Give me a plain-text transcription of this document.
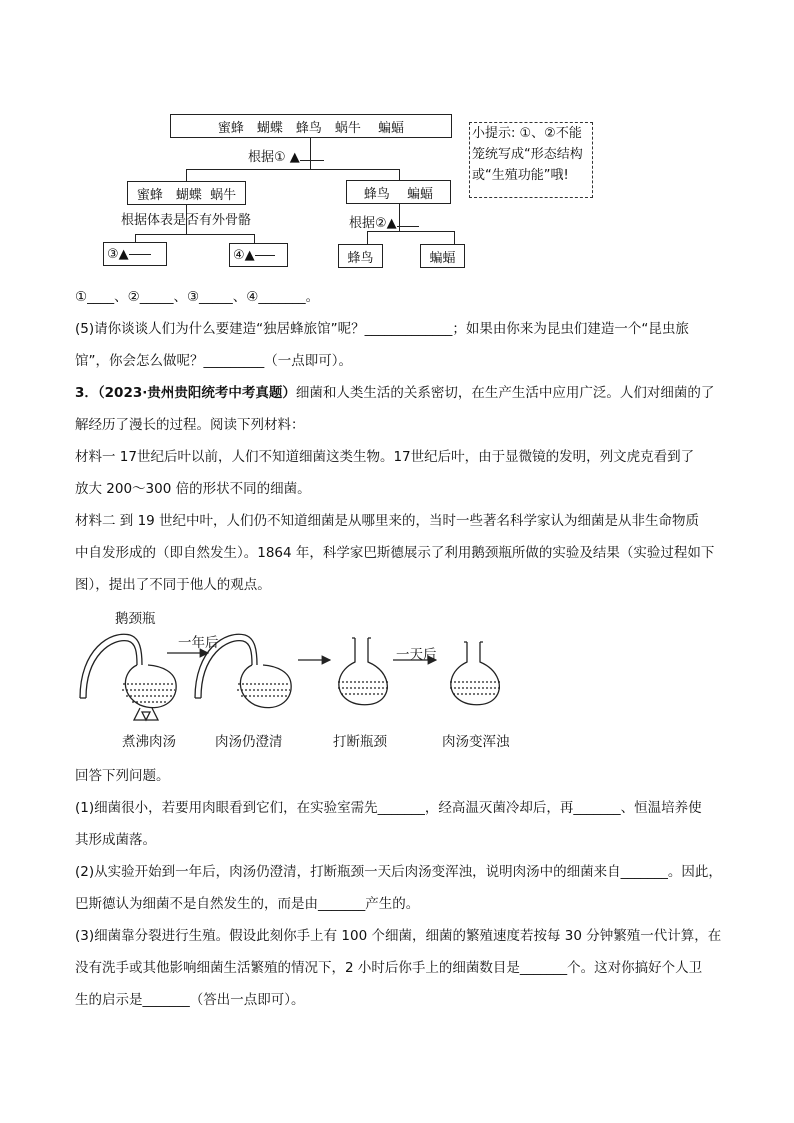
蜜蜂　蝴蝶　蜂鸟　蜗牛　 蝙蝠
根据① ▲
蜜蜂　蝴蝶  蜗牛	蜂鸟　 蝙蝠
根据体表是否有外骨骼
③ ▲	④ ▲
根据②▲
蜂鸟	蝙蝠
小提示: ①、②不能
笼统写成“形态结构
或“生殖功能”哦!
①____、②_____、③_____、④_______。
(5)请你谈谈人们为什么要建造“独居蜂旅馆”呢？_____________；如果由你来为昆虫们建造一个“昆虫旅
馆”，你会怎么做呢？_________（一点即可）。
3．（2023·贵州贵阳统考中考真题）细菌和人类生活的关系密切，在生产生活中应用广泛。人们对细菌的了
解经历了漫长的过程。阅读下列材料：
材料一 17世纪后叶以前，人们不知道细菌这类生物。17世纪后叶，由于显微镜的发明，列文虎克看到了
放大 200～300 倍的形状不同的细菌。
材料二 到 19 世纪中叶，人们仍不知道细菌是从哪里来的，当时一些著名科学家认为细菌是从非生命物质
中自发形成的（即自然发生）。1864 年，科学家巴斯德展示了利用鹅颈瓶所做的实验及结果（实验过程如下
图），提出了不同于他人的观点。
鹅颈瓶
一年后
一天后
煮沸肉汤	肉汤仍澄清	打断瓶颈	肉汤变浑浊
回答下列问题。
(1)细菌很小，若要用肉眼看到它们，在实验室需先_______，经高温灭菌冷却后，再_______、恒温培养使
其形成菌落。
(2)从实验开始到一年后，肉汤仍澄清，打断瓶颈一天后肉汤变浑浊，说明肉汤中的细菌来自_______。因此，
巴斯德认为细菌不是自然发生的，而是由_______产生的。
(3)细菌靠分裂进行生殖。假设此刻你手上有 100 个细菌，细菌的繁殖速度若按每 30 分钟繁殖一代计算，在
没有洗手或其他影响细菌生活繁殖的情况下，2 小时后你手上的细菌数目是_______个。这对你搞好个人卫
生的启示是_______（答出一点即可）。
